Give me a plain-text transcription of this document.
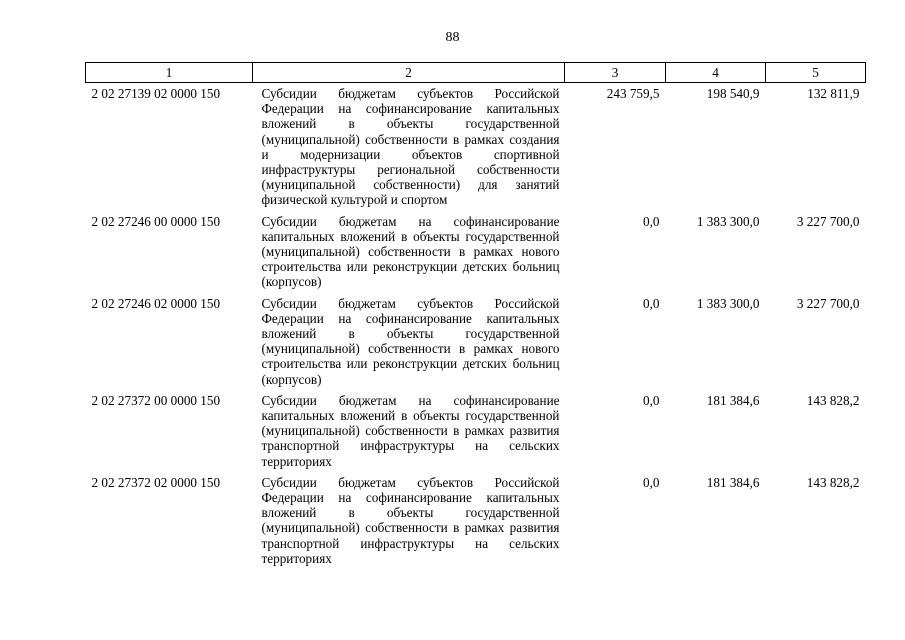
88
1	2	3	4	5
2 02 27139 02 0000 150	Субсидии бюджетам субъектов Российской Федерации на софинансирование капитальных вложений в объекты государственной (муниципальной) собственности в рамках создания и модернизации объектов спортивной инфраструктуры региональной собственности (муниципальной собственности) для занятий физической культурой и спортом	243 759,5	198 540,9	132 811,9
2 02 27246 00 0000 150	Субсидии бюджетам на софинансирование капитальных вложений в объекты государственной (муниципальной) собственности в рамках нового строительства или реконструкции детских больниц (корпусов)	0,0	1 383 300,0	3 227 700,0
2 02 27246 02 0000 150	Субсидии бюджетам субъектов Российской Федерации на софинансирование капитальных вложений в объекты государственной (муниципальной) собственности в рамках нового строительства или реконструкции детских больниц (корпусов)	0,0	1 383 300,0	3 227 700,0
2 02 27372 00 0000 150	Субсидии бюджетам на софинансирование капитальных вложений в объекты государственной (муниципальной) собственности в рамках развития транспортной инфраструктуры на сельских территориях	0,0	181 384,6	143 828,2
2 02 27372 02 0000 150	Субсидии бюджетам субъектов Российской Федерации на софинансирование капитальных вложений в объекты государственной (муниципальной) собственности в рамках развития транспортной инфраструктуры на сельских территориях	0,0	181 384,6	143 828,2
